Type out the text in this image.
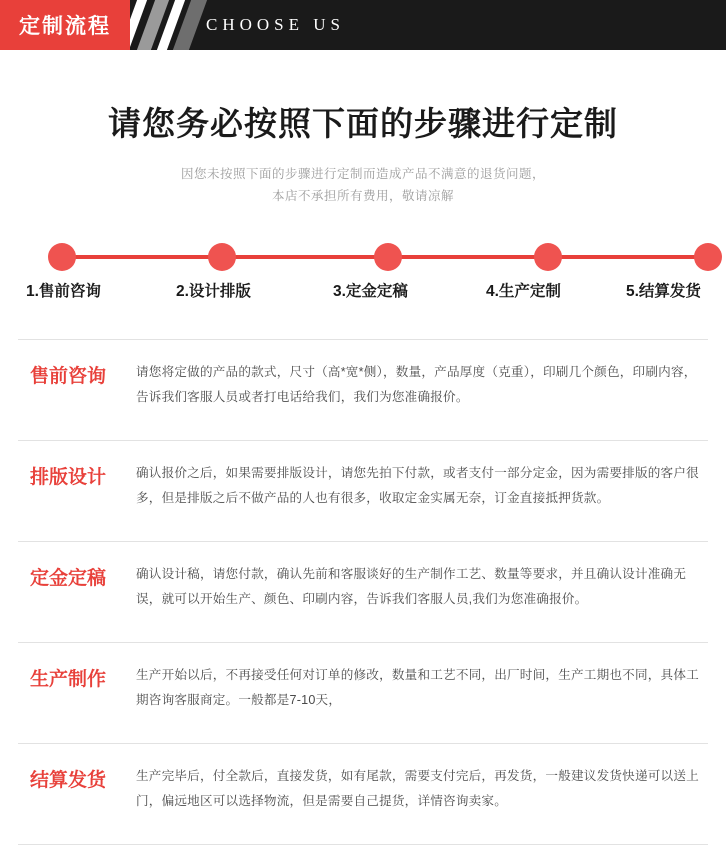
定制流程	CHOOSE US
请您务必按照下面的步骤进行定制
因您未按照下面的步骤进行定制而造成产品不满意的退货问题，
本店不承担所有费用，敬请凉解
1.售前咨询	2.设计排版	3.定金定稿	4.生产定制	5.结算发货
售前咨询	请您将定做的产品的款式，尺寸（高*宽*侧），数量，产品厚度（克重），印刷几个颜色，印刷内容，告诉我们客服人员或者打电话给我们，我们为您准确报价。
排版设计	确认报价之后，如果需要排版设计，请您先拍下付款，或者支付一部分定金，因为需要排版的客户很多，但是排版之后不做产品的人也有很多，收取定金实属无奈，订金直接抵押货款。
定金定稿	确认设计稿，请您付款，确认先前和客服谈好的生产制作工艺、数量等要求，并且确认设计准确无误，就可以开始生产、颜色、印刷内容，告诉我们客服人员,我们为您准确报价。
生产制作	生产开始以后，不再接受任何对订单的修改，数量和工艺不同，出厂时间，生产工期也不同，具体工期咨询客服商定。一般都是7-10天，
结算发货	生产完毕后，付全款后，直接发货，如有尾款，需要支付完后，再发货，一般建议发货快递可以送上门，偏远地区可以选择物流，但是需要自己提货，详情咨询卖家。
